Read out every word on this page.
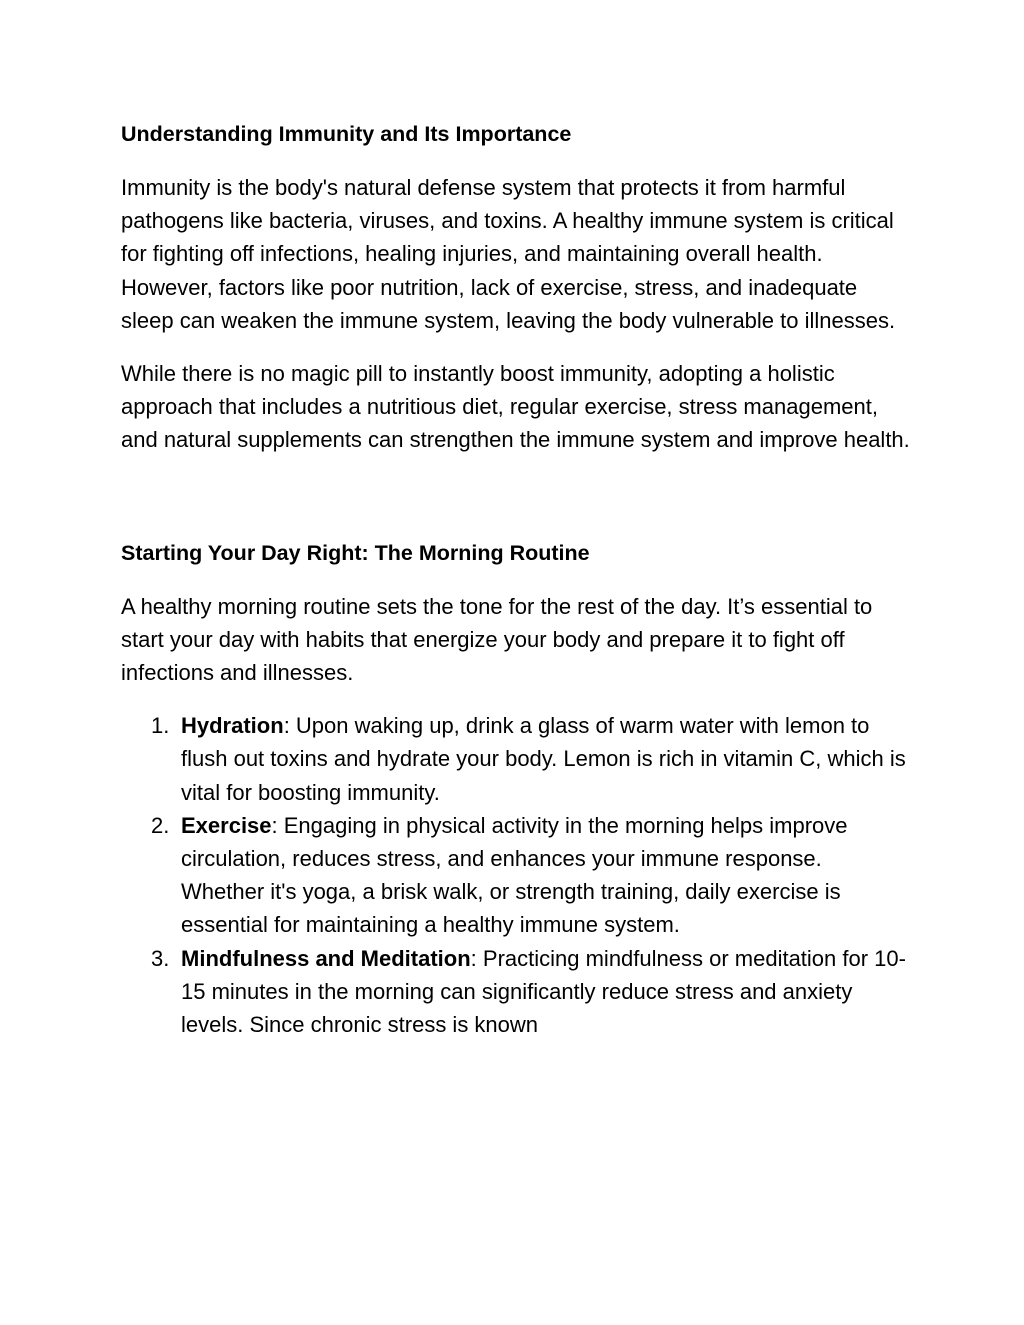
Understanding Immunity and Its Importance

Immunity is the body's natural defense system that protects it from harmful pathogens like bacteria, viruses, and toxins. A healthy immune system is critical for fighting off infections, healing injuries, and maintaining overall health. However, factors like poor nutrition, lack of exercise, stress, and inadequate sleep can weaken the immune system, leaving the body vulnerable to illnesses.

While there is no magic pill to instantly boost immunity, adopting a holistic approach that includes a nutritious diet, regular exercise, stress management, and natural supplements can strengthen the immune system and improve health.

Starting Your Day Right: The Morning Routine

A healthy morning routine sets the tone for the rest of the day. It’s essential to start your day with habits that energize your body and prepare it to fight off infections and illnesses.

1. Hydration: Upon waking up, drink a glass of warm water with lemon to flush out toxins and hydrate your body. Lemon is rich in vitamin C, which is vital for boosting immunity.
2. Exercise: Engaging in physical activity in the morning helps improve circulation, reduces stress, and enhances your immune response. Whether it's yoga, a brisk walk, or strength training, daily exercise is essential for maintaining a healthy immune system.
3. Mindfulness and Meditation: Practicing mindfulness or meditation for 10-15 minutes in the morning can significantly reduce stress and anxiety levels. Since chronic stress is known
